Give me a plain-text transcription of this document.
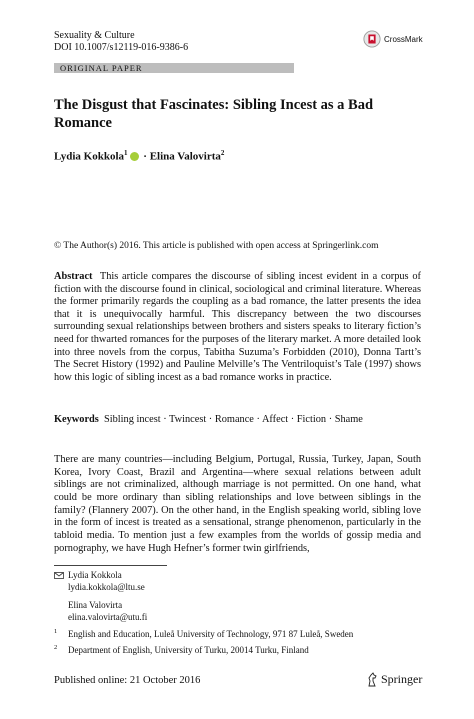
Sexuality & Culture
DOI 10.1007/s12119-016-9386-6
CrossMark
ORIGINAL PAPER
The Disgust that Fascinates: Sibling Incest as a Bad
Romance
Lydia Kokkola$^1$ · Elina Valovirta$^2$
© The Author(s) 2016. This article is published with open access at Springerlink.com

Abstract This article compares the discourse of sibling incest evident in a corpus of fiction with the discourse found in clinical, sociological and criminal literature. Whereas the former primarily regards the coupling as a bad romance, the latter presents the idea that it is unequivocally harmful. This discrepancy between the two discourses surrounding sexual relationships between brothers and sisters speaks to literary fiction’s need for thwarted romances for the purposes of the literary market. A more detailed look into three novels from the corpus, Tabitha Suzuma’s Forbidden (2010), Donna Tartt’s The Secret History (1992) and Pauline Melville’s The Ventriloquist’s Tale (1997) shows how this logic of sibling incest as a bad romance works in practice.

Keywords Sibling incest · Twincest · Romance · Affect · Fiction · Shame

There are many countries—including Belgium, Portugal, Russia, Turkey, Japan, South Korea, Ivory Coast, Brazil and Argentina—where sexual relations between adult siblings are not criminalized, although marriage is not permitted. On one hand, what could be more ordinary than sibling relationships and love between siblings in the family? (Flannery 2007). On the other hand, in the English speaking world, sibling love in the form of incest is treated as a sensational, strange phenomenon, particularly in the tabloid media. To mention just a few examples from the worlds of gossip media and pornography, we have Hugh Hefner’s former twin girlfriends,

Lydia Kokkola
lydia.kokkola@ltu.se
Elina Valovirta
elina.valovirta@utu.fi
1 English and Education, Luleå University of Technology, 971 87 Luleå, Sweden
2 Department of English, University of Turku, 20014 Turku, Finland
Published online: 21 October 2016	Springer
